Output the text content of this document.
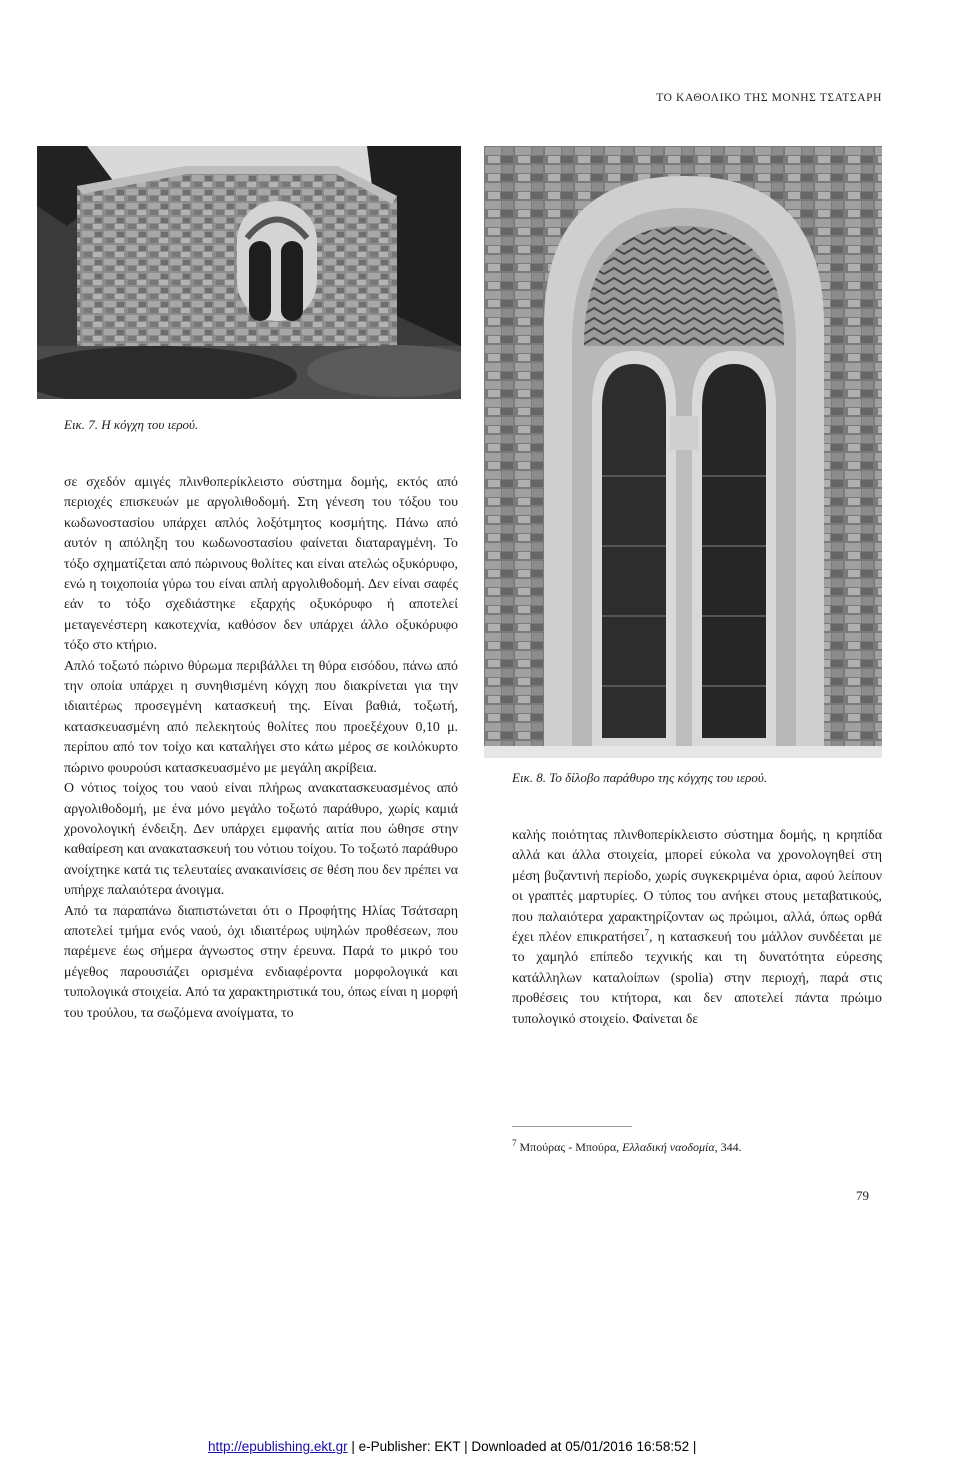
ΤΟ ΚΑΘΟΛΙΚΟ ΤΗΣ ΜΟΝΗΣ ΤΣΑΤΣΑΡΗ
Εικ. 7. Η κόγχη του ιερού.
Εικ. 8. Το δίλοβο παράθυρο της κόγχης του ιερού.

σε σχεδόν αμιγές πλινθοπερίκλειστο σύστημα δομής, εκτός από περιοχές επισκευών με αργολιθοδομή. Στη γένεση του τόξου του κωδωνοστασίου υπάρχει απλός λοξότμητος κοσμήτης. Πάνω από αυτόν η απόληξη του κωδωνοστασίου φαίνεται διαταραγμένη. Το τόξο σχηματίζεται από πώρινους θολίτες και είναι ατελώς οξυκόρυφο, ενώ η τοιχοποιία γύρω του είναι απλή αργολιθοδομή. Δεν είναι σαφές εάν το τόξο σχεδιάστηκε εξαρχής οξυκόρυφο ή αποτελεί μεταγενέστερη κακοτεχνία, καθόσον δεν υπάρχει άλλο οξυκόρυφο τόξο στο κτήριο.

Απλό τοξωτό πώρινο θύρωμα περιβάλλει τη θύρα εισόδου, πάνω από την οποία υπάρχει η συνηθισμένη κόγχη που διακρίνεται για την ιδιαιτέρως προσεγμένη κατασκευή της. Είναι βαθιά, τοξωτή, κατασκευασμένη από πελεκητούς θολίτες που προεξέχουν 0,10 μ. περίπου από τον τοίχο και καταλήγει στο κάτω μέρος σε κοιλόκυρτο πώρινο φουρούσι κατασκευασμένο με μεγάλη ακρίβεια.

Ο νότιος τοίχος του ναού είναι πλήρως ανακατασκευασμένος από αργολιθοδομή, με ένα μόνο μεγάλο τοξωτό παράθυρο, χωρίς καμιά χρονολογική ένδειξη. Δεν υπάρχει εμφανής αιτία που ώθησε στην καθαίρεση και ανακατασκευή του νότιου τοίχου. Το τοξωτό παράθυρο ανοίχτηκε κατά τις τελευταίες ανακαινίσεις σε θέση που δεν πρέπει να υπήρχε παλαιότερα άνοιγμα.

Από τα παραπάνω διαπιστώνεται ότι ο Προφήτης Ηλίας Τσάτσαρη αποτελεί τμήμα ενός ναού, όχι ιδιαιτέρως υψηλών προθέσεων, που παρέμενε έως σήμερα άγνωστος στην έρευνα. Παρά το μικρό του μέγεθος παρουσιάζει ορισμένα ενδιαφέροντα μορφολογικά και τυπολογικά στοιχεία. Από τα χαρακτηριστικά του, όπως είναι η μορφή του τρούλου, τα σωζόμενα ανοίγματα, το

καλής ποιότητας πλινθοπερίκλειστο σύστημα δομής, η κρηπίδα αλλά και άλλα στοιχεία, μπορεί εύκολα να χρονολογηθεί στη μέση βυζαντινή περίοδο, χωρίς συγκεκριμένα όρια, αφού λείπουν οι γραπτές μαρτυρίες. Ο τύπος του ανήκει στους μεταβατικούς, που παλαιότερα χαρακτηρίζονταν ως πρώιμοι, αλλά, όπως ορθά έχει πλέον επικρατήσει$^7$, η κατασκευή του μάλλον συνδέεται με το χαμηλό επίπεδο τεχνικής και τη δυνατότητα εύρεσης κατάλληλων καταλοίπων (spolia) στην περιοχή, παρά στις προθέσεις του κτήτορα, και δεν αποτελεί πάντα πρώιμο τυπολογικό στοιχείο. Φαίνεται δε

$^7$ Μπούρας - Μπούρα, Ελλαδική ναοδομία, 344.
79
http://epublishing.ekt.gr | e-Publisher: EKT | Downloaded at 05/01/2016 16:58:52 |
